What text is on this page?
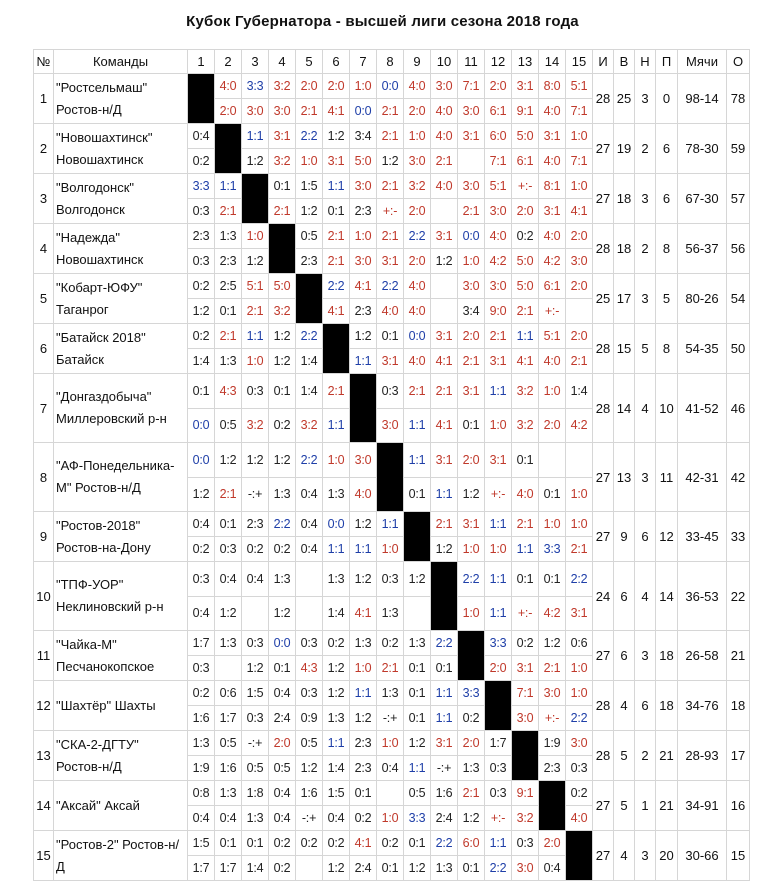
Кубок Губернатора - высшей лиги сезона 2018 года
№	Команды	1	2	3	4	5	6	7	8	9	10	11	12	13	14	15	И	В	Н	П	Мячи	О
1	"Ростсельмаш" Ростов-н/Д		4:0	3:3	3:2	2:0	2:0	1:0	0:0	4:0	3:0	7:1	2:0	3:1	8:0	5:1	28	25	3	0	98-14	78
			2:0	3:0	3:0	2:1	4:1	0:0	2:1	2:0	4:0	3:0	6:1	9:1	4:0	7:1						
2	"Новошахтинск" Новошахтинск	0:4		1:1	3:1	2:2	1:2	3:4	2:1	1:0	4:0	3:1	6:0	5:0	3:1	1:0	27	19	2	6	78-30	59
		0:2		1:2	3:2	1:0	3:1	5:0	1:2	3:0	2:1		7:1	6:1	4:0	7:1						
3	"Волгодонск" Волгодонск	3:3	1:1		0:1	1:5	1:1	3:0	2:1	3:2	4:0	3:0	5:1	+:-	8:1	1:0	27	18	3	6	67-30	57
		0:3	2:1		2:1	1:2	0:1	2:3	+:-	2:0		2:1	3:0	2:0	3:1	4:1						
4	"Надежда" Новошахтинск	2:3	1:3	1:0		0:5	2:1	1:0	2:1	2:2	3:1	0:0	4:0	0:2	4:0	2:0	28	18	2	8	56-37	56
		0:3	2:3	1:2		2:3	2:1	3:0	3:1	2:0	1:2	1:0	4:2	5:0	4:2	3:0						
5	"Кобарт-ЮФУ" Таганрог	0:2	2:5	5:1	5:0		2:2	4:1	2:2	4:0		3:0	3:0	5:0	6:1	2:0	25	17	3	5	80-26	54
		1:2	0:1	2:1	3:2		4:1	2:3	4:0	4:0		3:4	9:0	2:1	+:-							
6	"Батайск 2018" Батайск	0:2	2:1	1:1	1:2	2:2		1:2	0:1	0:0	3:1	2:0	2:1	1:1	5:1	2:0	28	15	5	8	54-35	50
		1:4	1:3	1:0	1:2	1:4		1:1	3:1	4:0	4:1	2:1	3:1	4:1	4:0	2:1						
7	"Донгаздобыча" Миллеровский р-н	0:1	4:3	0:3	0:1	1:4	2:1		0:3	2:1	2:1	3:1	1:1	3:2	1:0	1:4	28	14	4	10	41-52	46
		0:0	0:5	3:2	0:2	3:2	1:1		3:0	1:1	4:1	0:1	1:0	3:2	2:0	4:2						
8	"АФ-Понедельника-М" Ростов-н/Д	0:0	1:2	1:2	1:2	2:2	1:0	3:0		1:1	3:1	2:0	3:1	0:1			27	13	3	11	42-31	42
		1:2	2:1	-:+	1:3	0:4	1:3	4:0		0:1	1:1	1:2	+:-	4:0	0:1	1:0						
9	"Ростов-2018" Ростов-на-Дону	0:4	0:1	2:3	2:2	0:4	0:0	1:2	1:1		2:1	3:1	1:1	2:1	1:0	1:0	27	9	6	12	33-45	33
		0:2	0:3	0:2	0:2	0:4	1:1	1:1	1:0		1:2	1:0	1:0	1:1	3:3	2:1						
10	"ТПФ-УОР" Неклиновский р-н	0:3	0:4	0:4	1:3		1:3	1:2	0:3	1:2		2:2	1:1	0:1	0:1	2:2	24	6	4	14	36-53	22
		0:4	1:2		1:2		1:4	4:1	1:3			1:0	1:1	+:-	4:2	3:1						
11	"Чайка-М" Песчанокопское	1:7	1:3	0:3	0:0	0:3	0:2	1:3	0:2	1:3	2:2		3:3	0:2	1:2	0:6	27	6	3	18	26-58	21
		0:3		1:2	0:1	4:3	1:2	1:0	2:1	0:1	0:1		2:0	3:1	2:1	1:0						
12	"Шахтёр" Шахты	0:2	0:6	1:5	0:4	0:3	1:2	1:1	1:3	0:1	1:1	3:3		7:1	3:0	1:0	28	4	6	18	34-76	18
		1:6	1:7	0:3	2:4	0:9	1:3	1:2	-:+	0:1	1:1	0:2		3:0	+:-	2:2						
13	"СКА-2-ДГТУ" Ростов-н/Д	1:3	0:5	-:+	2:0	0:5	1:1	2:3	1:0	1:2	3:1	2:0	1:7		1:9	3:0	28	5	2	21	28-93	17
		1:9	1:6	0:5	0:5	1:2	1:4	2:3	0:4	1:1	-:+	1:3	0:3		2:3	0:3						
14	"Аксай" Аксай	0:8	1:3	1:8	0:4	1:6	1:5	0:1		0:5	1:6	2:1	0:3	9:1		0:2	27	5	1	21	34-91	16
		0:4	0:4	1:3	0:4	-:+	0:4	0:2	1:0	3:3	2:4	1:2	+:-	3:2		4:0						
15	"Ростов-2" Ростов-н/Д	1:5	0:1	0:1	0:2	0:2	0:2	4:1	0:2	0:1	2:2	6:0	1:1	0:3	2:0		27	4	3	20	30-66	15
		1:7	1:7	1:4	0:2		1:2	2:4	0:1	1:2	1:3	0:1	2:2	3:0	0:4							
